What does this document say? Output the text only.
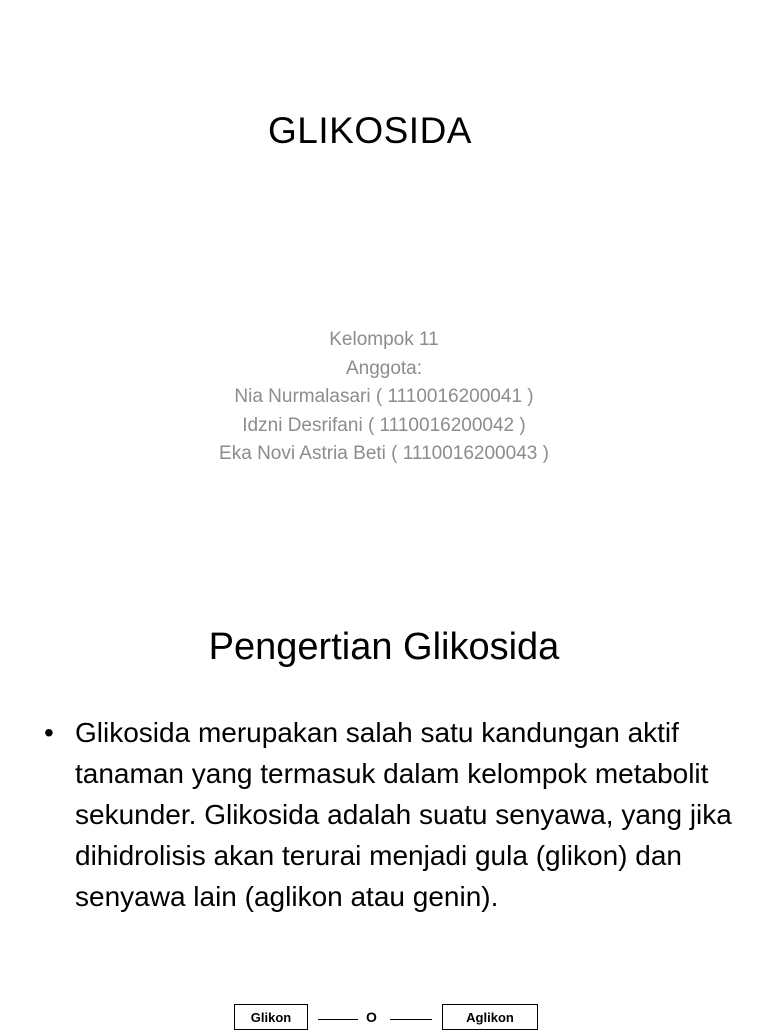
GLIKOSIDA
Kelompok 11
Anggota:
Nia Nurmalasari ( 1110016200041 )
Idzni Desrifani ( 1110016200042 )
Eka Novi Astria Beti ( 1110016200043 )
Pengertian Glikosida
• Glikosida merupakan salah satu kandungan aktif tanaman yang termasuk dalam kelompok metabolit sekunder. Glikosida adalah suatu senyawa, yang jika dihidrolisis akan terurai menjadi gula (glikon) dan senyawa lain (aglikon atau genin).
Glikon	O	Aglikon
